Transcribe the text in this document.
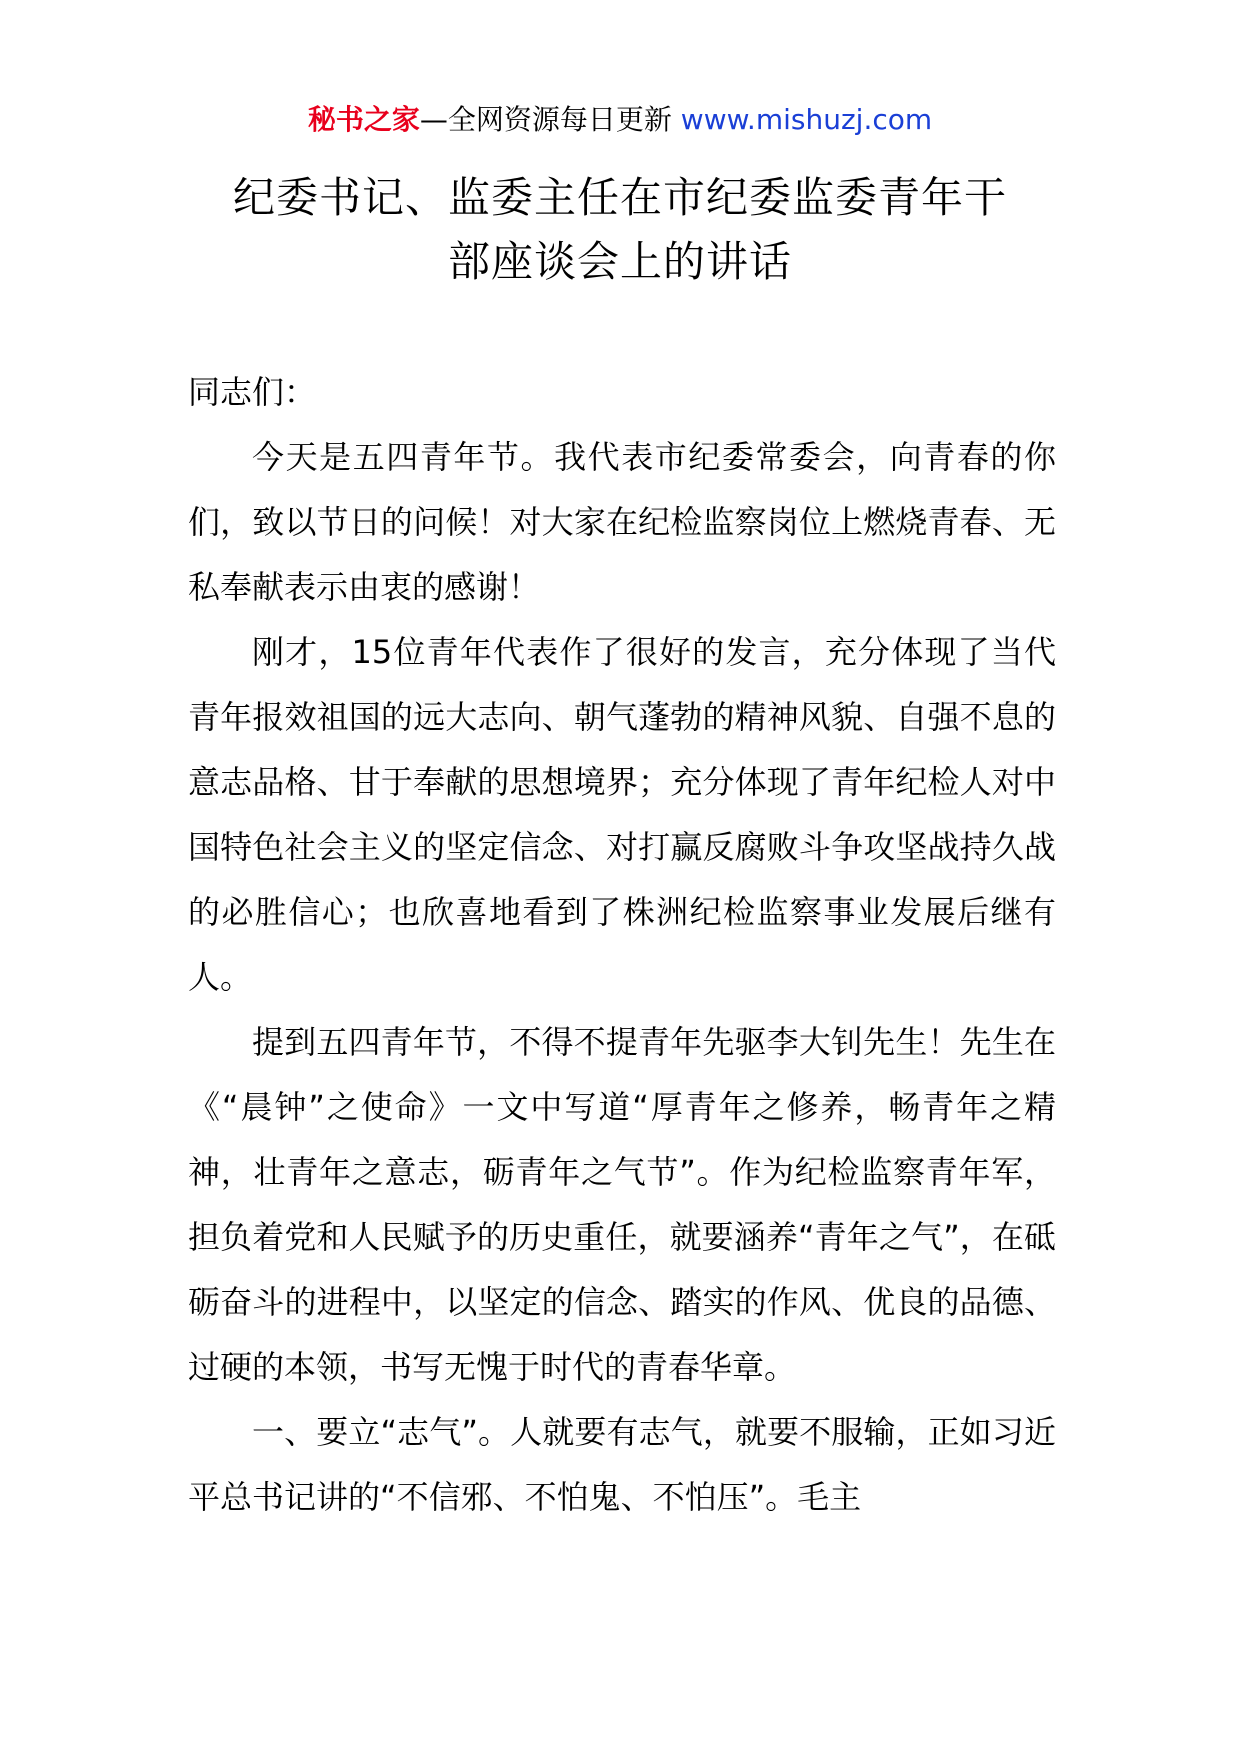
秘书之家—全网资源每日更新 www.mishuzj.com
纪委书记、监委主任在市纪委监委青年干
部座谈会上的讲话

同志们：

今天是五四青年节。我代表市纪委常委会，向青春的你们，致以节日的问候！对大家在纪检监察岗位上燃烧青春、无私奉献表示由衷的感谢！

刚才，15位青年代表作了很好的发言，充分体现了当代青年报效祖国的远大志向、朝气蓬勃的精神风貌、自强不息的意志品格、甘于奉献的思想境界；充分体现了青年纪检人对中国特色社会主义的坚定信念、对打赢反腐败斗争攻坚战持久战的必胜信心；也欣喜地看到了株洲纪检监察事业发展后继有人。

提到五四青年节，不得不提青年先驱李大钊先生！先生在《“晨钟”之使命》一文中写道“厚青年之修养，畅青年之精神，壮青年之意志，砺青年之气节”。作为纪检监察青年军，担负着党和人民赋予的历史重任，就要涵养“青年之气”，在砥砺奋斗的进程中，以坚定的信念、踏实的作风、优良的品德、过硬的本领，书写无愧于时代的青春华章。

一、要立“志气”。人就要有志气，就要不服输，正如习近平总书记讲的“不信邪、不怕鬼、不怕压”。毛主
